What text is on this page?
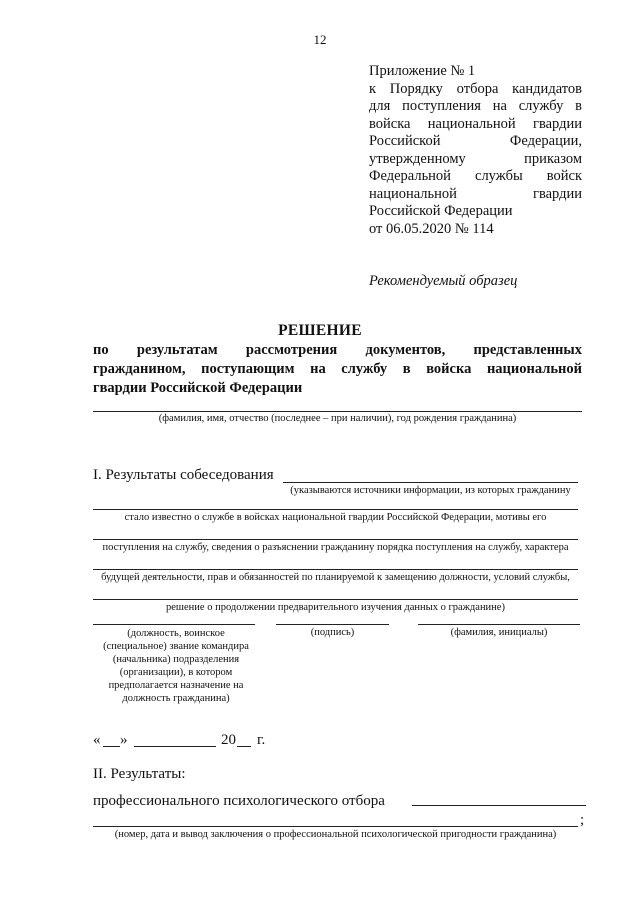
12
Приложение № 1
к Порядку отбора кандидатов
для поступления на службу в
войска национальной гвардии
Российской Федерации,
утвержденному приказом
Федеральной службы войск
национальной гвардии
Российской Федерации
от 06.05.2020 № 114
Рекомендуемый образец
РЕШЕНИЕ
по результатам рассмотрения документов, представленных
гражданином, поступающим на службу в войска национальной
гвардии Российской Федерации
(фамилия, имя, отчество (последнее – при наличии), год рождения гражданина)
I. Результаты собеседования
(указываются источники информации, из которых гражданину
стало известно о службе в войсках национальной гвардии Российской Федерации, мотивы его
поступления на службу, сведения о разъяснении гражданину порядка поступления на службу, характера
будущей деятельности, прав и обязанностей по планируемой к замещению должности, условий службы,
решение о продолжении предварительного изучения данных о гражданине)
(должность, воинское (специальное) звание командира (начальника) подразделения (организации), в котором предполагается назначение на должность гражданина)
(подпись)	(фамилия, инициалы)
« »	20 г.
II. Результаты:
профессионального психологического отбора
;
(номер, дата и вывод заключения о профессиональной психологической пригодности гражданина)
